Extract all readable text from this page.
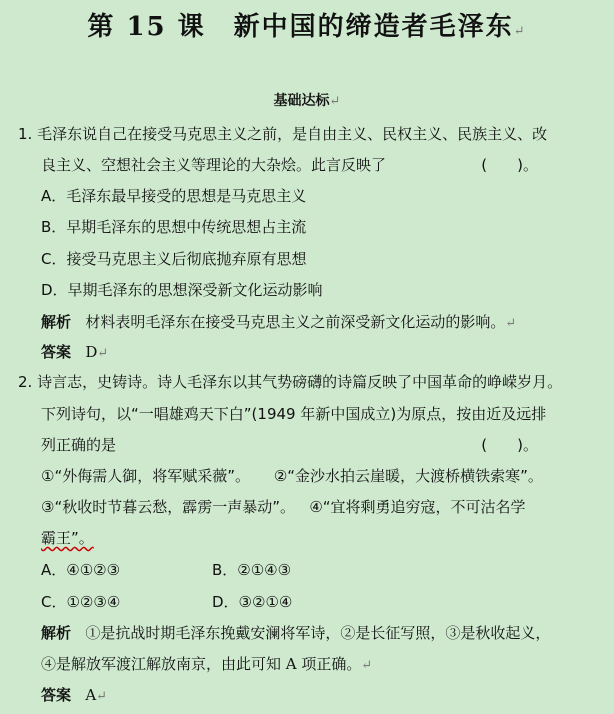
第 15 课　新中国的缔造者毛泽东↵
基础达标↵
1. 毛泽东说自己在接受马克思主义之前，是自由主义、民权主义、民族主义、改
良主义、空想社会主义等理论的大杂烩。此言反映了	(　　)。
A．毛泽东最早接受的思想是马克思主义
B．早期毛泽东的思想中传统思想占主流
C．接受马克思主义后彻底抛弃原有思想
D．早期毛泽东的思想深受新文化运动影响
解析 材料表明毛泽东在接受马克思主义之前深受新文化运动的影响。↵
答案 D↵
2. 诗言志，史铸诗。诗人毛泽东以其气势磅礴的诗篇反映了中国革命的峥嵘岁月。
下列诗句，以“一唱雄鸡天下白”(1949 年新中国成立)为原点，按由近及远排
列正确的是	(　　)。
①“外侮需人御，将军赋采薇”。 ②“金沙水拍云崖暖，大渡桥横铁索寒”。
③“秋收时节暮云愁，霹雳一声暴动”。 ④“宜将剩勇追穷寇，不可沽名学
霸王”。
A．④①②③	B．②①④③
C．①②③④	D．③②①④
解析 ①是抗战时期毛泽东挽戴安澜将军诗，②是长征写照，③是秋收起义，
④是解放军渡江解放南京，由此可知 A 项正确。↵
答案 A↵
